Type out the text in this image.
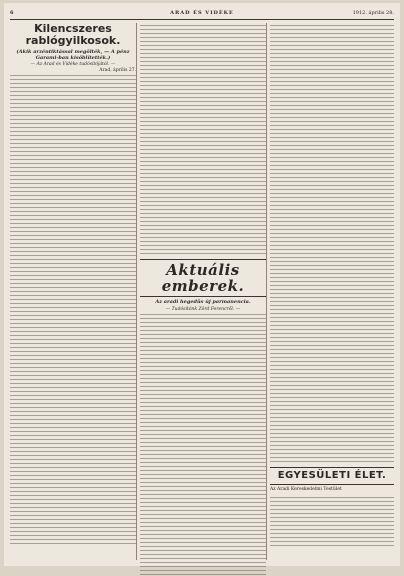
6	ARAD ÉS VIDÉKE	1912. április 28.
Kilencszeres rablógyilkosok.

(Akik arzéntiktással megölték, — A pénz Garami-ban kisöblítették.)

— Az Arad és Vidéke tudósítójától. —

Arad, április 27.

Aktuális emberek.

Az aradi hegedűs új parmanencia.

— Tudósítónk Zörd Ferencről. —

EGYESÜLETI ÉLET.

Az Aradi Kereskedelmi Testület
